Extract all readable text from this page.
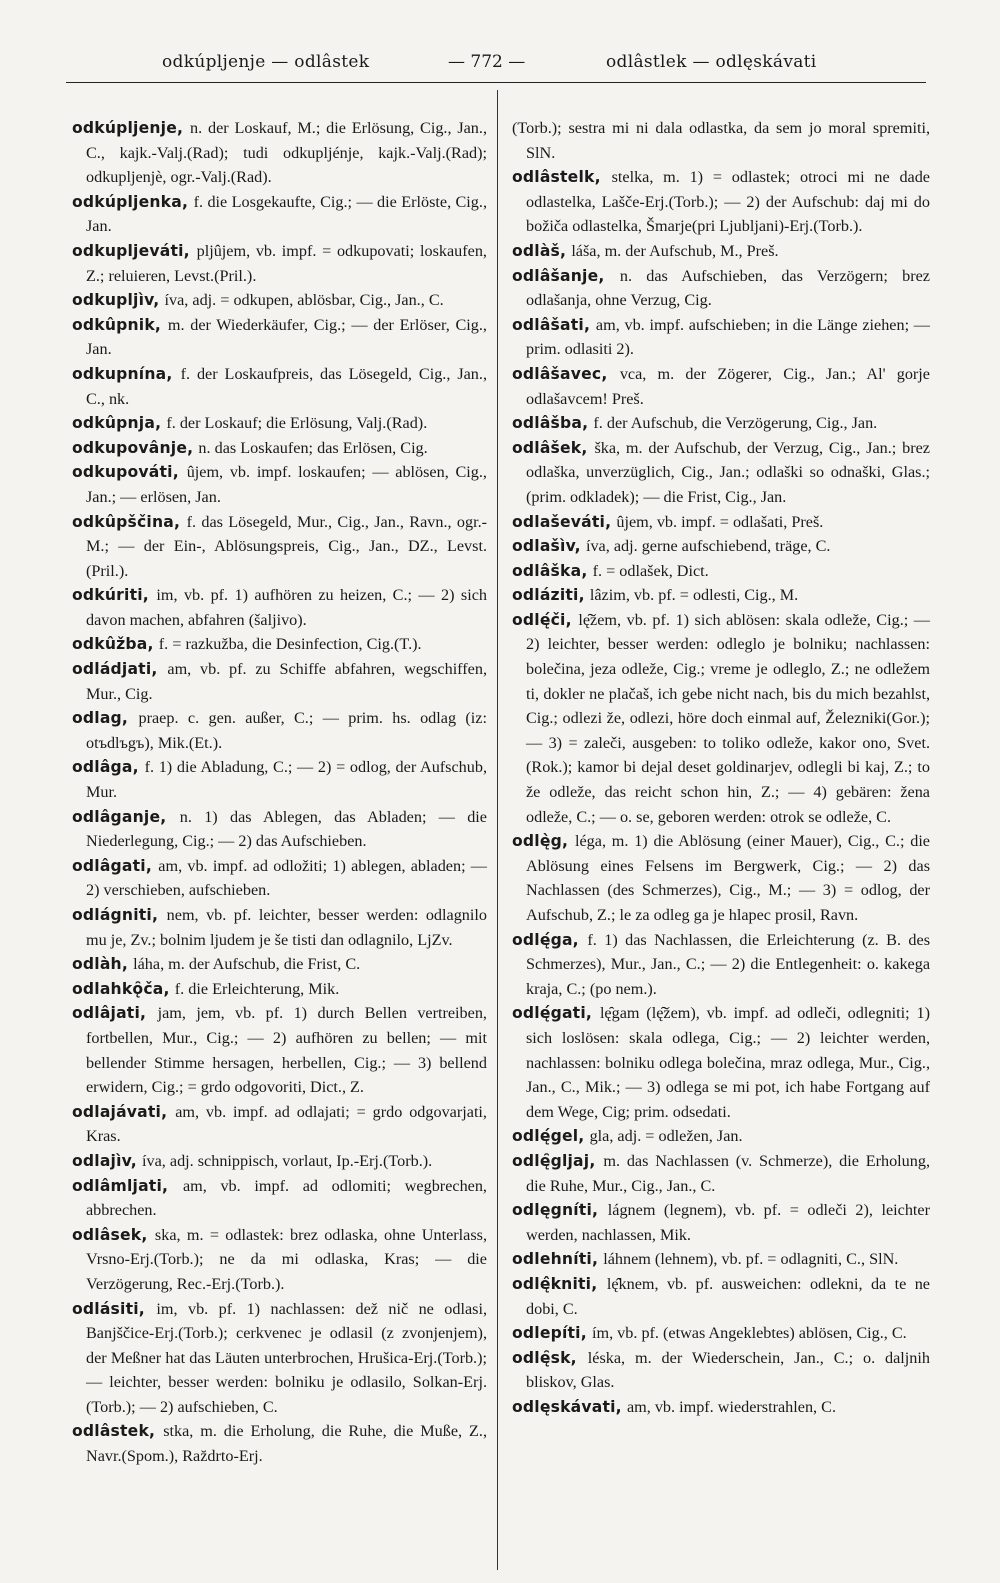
odkúpljenje — odlâstek	— 772 —	odlâstlek — odlęskávati

odkúpljenje, n. der Loskauf, M.; die Erlösung, Cig., Jan., C., kajk.-Valj.(Rad); tudi odkupljénje, kajk.-Valj.(Rad); odkupljenjè, ogr.-Valj.(Rad).

odkúpljenka, f. die Losgekaufte, Cig.; — die Erlöste, Cig., Jan.

odkupljeváti, pljûjem, vb. impf. = odkupovati; loskaufen, Z.; reluieren, Levst.(Pril.).

odkupljìv, íva, adj. = odkupen, ablösbar, Cig., Jan., C.

odkûpnik, m. der Wiederkäufer, Cig.; — der Erlöser, Cig., Jan.

odkupnína, f. der Loskaufpreis, das Lösegeld, Cig., Jan., C., nk.

odkûpnja, f. der Loskauf; die Erlösung, Valj.(Rad).

odkupovânje, n. das Loskaufen; das Erlösen, Cig.

odkupováti, ûjem, vb. impf. loskaufen; — ablösen, Cig., Jan.; — erlösen, Jan.

odkûpščina, f. das Lösegeld, Mur., Cig., Jan., Ravn., ogr.-M.; — der Ein-, Ablösungspreis, Cig., Jan., DZ., Levst.(Pril.).

odkúriti, im, vb. pf. 1) aufhören zu heizen, C.; — 2) sich davon machen, abfahren (šaljivo).

odkûžba, f. = razkužba, die Desinfection, Cig.(T.).

odládjati, am, vb. pf. zu Schiffe abfahren, wegschiffen, Mur., Cig.

odlag, praep. c. gen. außer, C.; — prim. hs. odlag (iz: otъdlъgъ), Mik.(Et.).

odlâga, f. 1) die Abladung, C.; — 2) = odlog, der Aufschub, Mur.

odlâganje, n. 1) das Ablegen, das Abladen; — die Niederlegung, Cig.; — 2) das Aufschieben.

odlâgati, am, vb. impf. ad odložiti; 1) ablegen, abladen; — 2) verschieben, aufschieben.

odlágniti, nem, vb. pf. leichter, besser werden: odlagnilo mu je, Zv.; bolnim ljudem je še tisti dan odlagnilo, LjZv.

odlàh, láha, m. der Aufschub, die Frist, C.

odlahkǫ̑ča, f. die Erleichterung, Mik.

odlâjati, jam, jem, vb. pf. 1) durch Bellen vertreiben, fortbellen, Mur., Cig.; — 2) aufhören zu bellen; — mit bellender Stimme hersagen, herbellen, Cig.; — 3) bellend erwidern, Cig.; = grdo odgovoriti, Dict., Z.

odlajávati, am, vb. impf. ad odlajati; = grdo odgovarjati, Kras.

odlajìv, íva, adj. schnippisch, vorlaut, Ip.-Erj.(Torb.).

odlâmljati, am, vb. impf. ad odlomiti; wegbrechen, abbrechen.

odlâsek, ska, m. = odlastek: brez odlaska, ohne Unterlass, Vrsno-Erj.(Torb.); ne da mi odlaska, Kras; — die Verzögerung, Rec.-Erj.(Torb.).

odlásiti, im, vb. pf. 1) nachlassen: dež nič ne odlasi, Banjščice-Erj.(Torb.); cerkvenec je odlasil (z zvonjenjem), der Meßner hat das Läuten unterbrochen, Hrušica-Erj.(Torb.); — leichter, besser werden: bolniku je odlasilo, Solkan-Erj.(Torb.); — 2) aufschieben, C.

odlâstek, stka, m. die Erholung, die Ruhe, die Muße, Z., Navr.(Spom.), Raz̆drto-Erj.

(Torb.); sestra mi ni dala odlastka, da sem jo moral spremiti, SlN.

odlâstelk, stelka, m. 1) = odlastek; otroci mi ne dade odlastelka, Lašče-Erj.(Torb.); — 2) der Aufschub: daj mi do božiča odlastelka, Šmarje(pri Ljubljani)-Erj.(Torb.).

odlàš, láša, m. der Aufschub, M., Preš.

odlâšanje, n. das Aufschieben, das Verzögern; brez odlašanja, ohne Verzug, Cig.

odlâšati, am, vb. impf. aufschieben; in die Länge ziehen; — prim. odlasiti 2).

odlâšavec, vca, m. der Zögerer, Cig., Jan.; Al' gorje odlašavcem! Preš.

odlâšba, f. der Aufschub, die Verzögerung, Cig., Jan.

odlâšek, ška, m. der Aufschub, der Verzug, Cig., Jan.; brez odlaška, unverzüglich, Cig., Jan.; odlaški so odnaški, Glas.; (prim. odkladek); — die Frist, Cig., Jan.

odlaševáti, ûjem, vb. impf. = odlašati, Preš.

odlašìv, íva, adj. gerne aufschiebend, träge, C.

odlâška, f. = odlašek, Dict.

odláziti, lâzim, vb. pf. = odlesti, Cig., M.

odlę́či, lę̑žem, vb. pf. 1) sich ablösen: skala odleže, Cig.; — 2) leichter, besser werden: odleglo je bolniku; nachlassen: bolečina, jeza odleže, Cig.; vreme je odleglo, Z.; ne odležem ti, dokler ne plačaš, ich gebe nicht nach, bis du mich bezahlst, Cig.; odlezi že, odlezi, höre doch einmal auf, Železniki(Gor.); — 3) = zaleči, ausgeben: to toliko odleže, kakor ono, Svet.(Rok.); kamor bi dejal deset goldinarjev, odlegli bi kaj, Z.; to že odleže, das reicht schon hin, Z.; — 4) gebären: žena odleže, C.; — o. se, geboren werden: otrok se odleže, C.

odlę̀g, léga, m. 1) die Ablösung (einer Mauer), Cig., C.; die Ablösung eines Felsens im Bergwerk, Cig.; — 2) das Nachlassen (des Schmerzes), Cig., M.; — 3) = odlog, der Aufschub, Z.; le za odleg ga je hlapec prosil, Ravn.

odlę́ga, f. 1) das Nachlassen, die Erleichterung (z. B. des Schmerzes), Mur., Jan., C.; — 2) die Entlegenheit: o. kakega kraja, C.; (po nem.).

odlę́gati, lę̑gam (lę̑žem), vb. impf. ad odleči, odlegniti; 1) sich loslösen: skala odlega, Cig.; — 2) leichter werden, nachlassen: bolniku odlega bolečina, mraz odlega, Mur., Cig., Jan., C., Mik.; — 3) odlega se mi pot, ich habe Fortgang auf dem Wege, Cig; prim. odsedati.

odlę́gel, gla, adj. = odležen, Jan.

odlę̑gljaj, m. das Nachlassen (v. Schmerze), die Erholung, die Ruhe, Mur., Cig., Jan., C.

odlęgníti, lágnem (legnem), vb. pf. = odleči 2), leichter werden, nachlassen, Mik.

odlehníti, láhnem (lehnem), vb. pf. = odlagniti, C., SlN.

odlę̂kniti, lę̂knem, vb. pf. ausweichen: odlekni, da te ne dobi, C.

odlepíti, ím, vb. pf. (etwas Angeklebtes) ablösen, Cig., C.

odlę̑sk, léska, m. der Wiederschein, Jan., C.; o. daljnih bliskov, Glas.

odlęskávati, am, vb. impf. wiederstrahlen, C.
